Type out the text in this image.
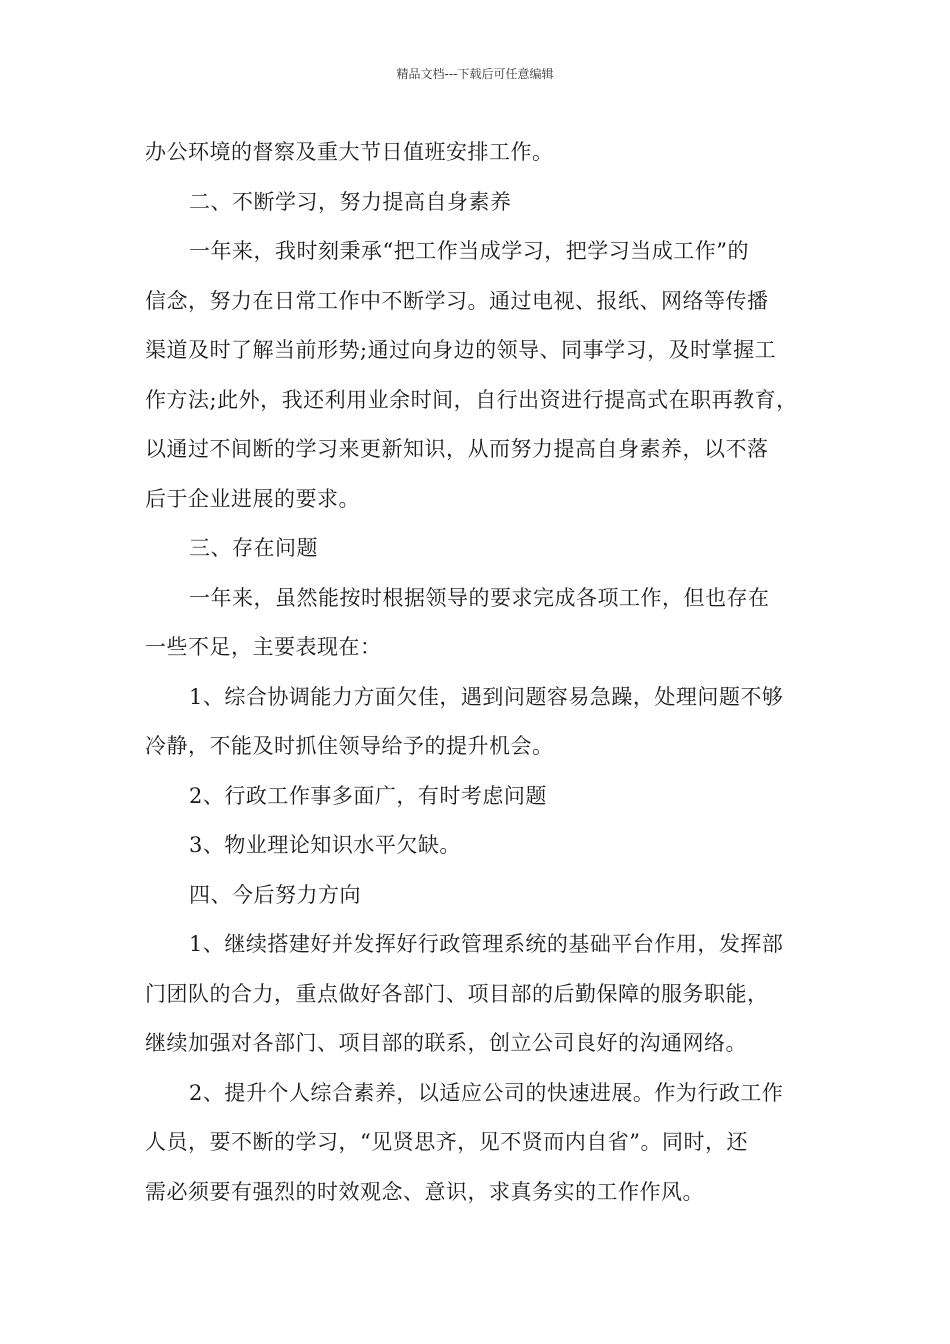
精品文档---下载后可任意编辑
办公环境的督察及重大节日值班安排工作。
二、不断学习，努力提高自身素养
一年来，我时刻秉承“把工作当成学习，把学习当成工作”的
信念，努力在日常工作中不断学习。通过电视、报纸、网络等传播
渠道及时了解当前形势;通过向身边的领导、同事学习，及时掌握工
作方法;此外，我还利用业余时间，自行出资进行提高式在职再教育，
以通过不间断的学习来更新知识，从而努力提高自身素养，以不落
后于企业进展的要求。
三、存在问题
一年来，虽然能按时根据领导的要求完成各项工作，但也存在
一些不足，主要表现在：
1、综合协调能力方面欠佳，遇到问题容易急躁，处理问题不够
冷静，不能及时抓住领导给予的提升机会。
2、行政工作事多面广，有时考虑问题
3、物业理论知识水平欠缺。
四、今后努力方向
1、继续搭建好并发挥好行政管理系统的基础平台作用，发挥部
门团队的合力，重点做好各部门、项目部的后勤保障的服务职能，
继续加强对各部门、项目部的联系，创立公司良好的沟通网络。
2、提升个人综合素养，以适应公司的快速进展。作为行政工作
人员，要不断的学习，“见贤思齐，见不贤而内自省”。同时，还
需必须要有强烈的时效观念、意识，求真务实的工作作风。
